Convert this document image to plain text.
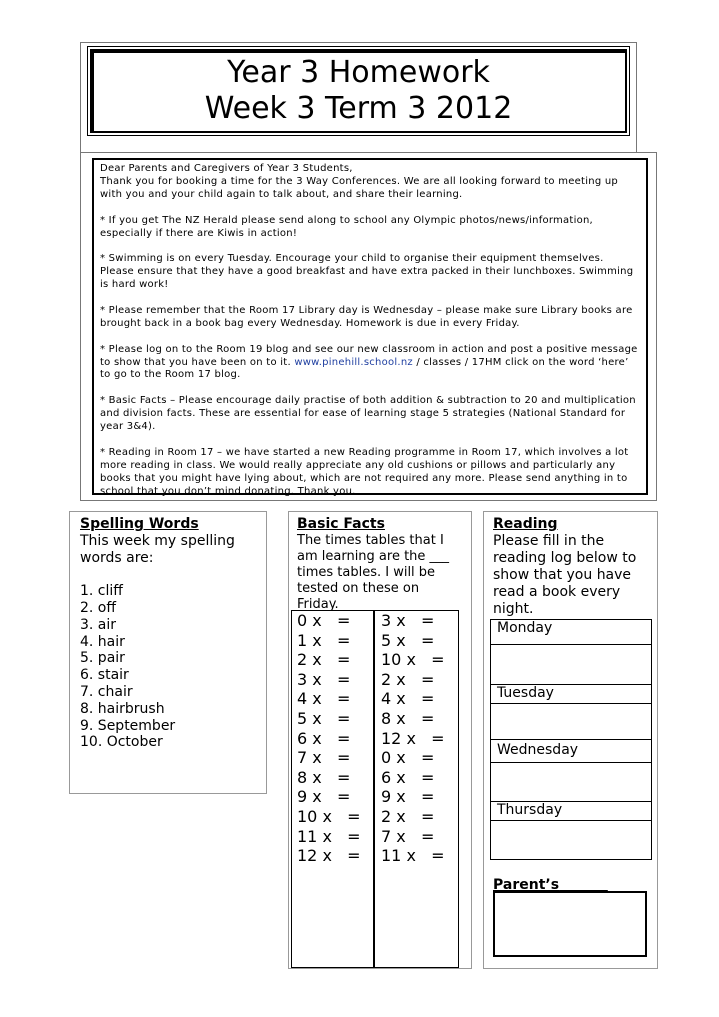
Year 3 Homework
Week 3 Term 3 2012

Dear Parents and Caregivers of Year 3 Students,
Thank you for booking a time for the 3 Way Conferences. We are all looking forward to meeting up with you and your child again to talk about, and share their learning.

* If you get The NZ Herald please send along to school any Olympic photos/news/information, especially if there are Kiwis in action!

* Swimming is on every Tuesday. Encourage your child to organise their equipment themselves. Please ensure that they have a good breakfast and have extra packed in their lunchboxes. Swimming is hard work!

* Please remember that the Room 17 Library day is Wednesday – please make sure Library books are brought back in a book bag every Wednesday. Homework is due in every Friday.

* Please log on to the Room 19 blog and see our new classroom in action and post a positive message to show that you have been on to it. www.pinehill.school.nz / classes / 17HM click on the word ‘here’ to go to the Room 17 blog.

* Basic Facts – Please encourage daily practise of both addition & subtraction to 20 and multiplication and division facts. These are essential for ease of learning stage 5 strategies (National Standard for year 3&4).

* Reading in Room 17 – we have started a new Reading programme in Room 17, which involves a lot more reading in class. We would really appreciate any old cushions or pillows and particularly any books that you might have lying about, which are not required any more. Please send anything in to school that you don’t mind donating. Thank you.

Spelling Words
This week my spelling
words are:
1. cliff
2. off
3. air
4. hair
5. pair
6. stair
7. chair
8. hairbrush
9. September
10. October
Basic Facts
The times tables that I
am learning are the ___
times tables. I will be
tested on these on
Friday.
0 x   =
1 x   =
2 x   =
3 x   =
4 x   =
5 x   =
6 x   =
7 x   =
8 x   =
9 x   =
10 x   =
11 x   =
12 x   =
3 x   =
5 x   =
10 x   =
2 x   =
4 x   =
8 x   =
12 x   =
0 x   =
6 x   =
9 x   =
2 x   =
7 x   =
11 x   =
Reading
Please fill in the
reading log below to
show that you have
read a book every
night.
Monday
Tuesday
Wednesday
Thursday
Parent’s
